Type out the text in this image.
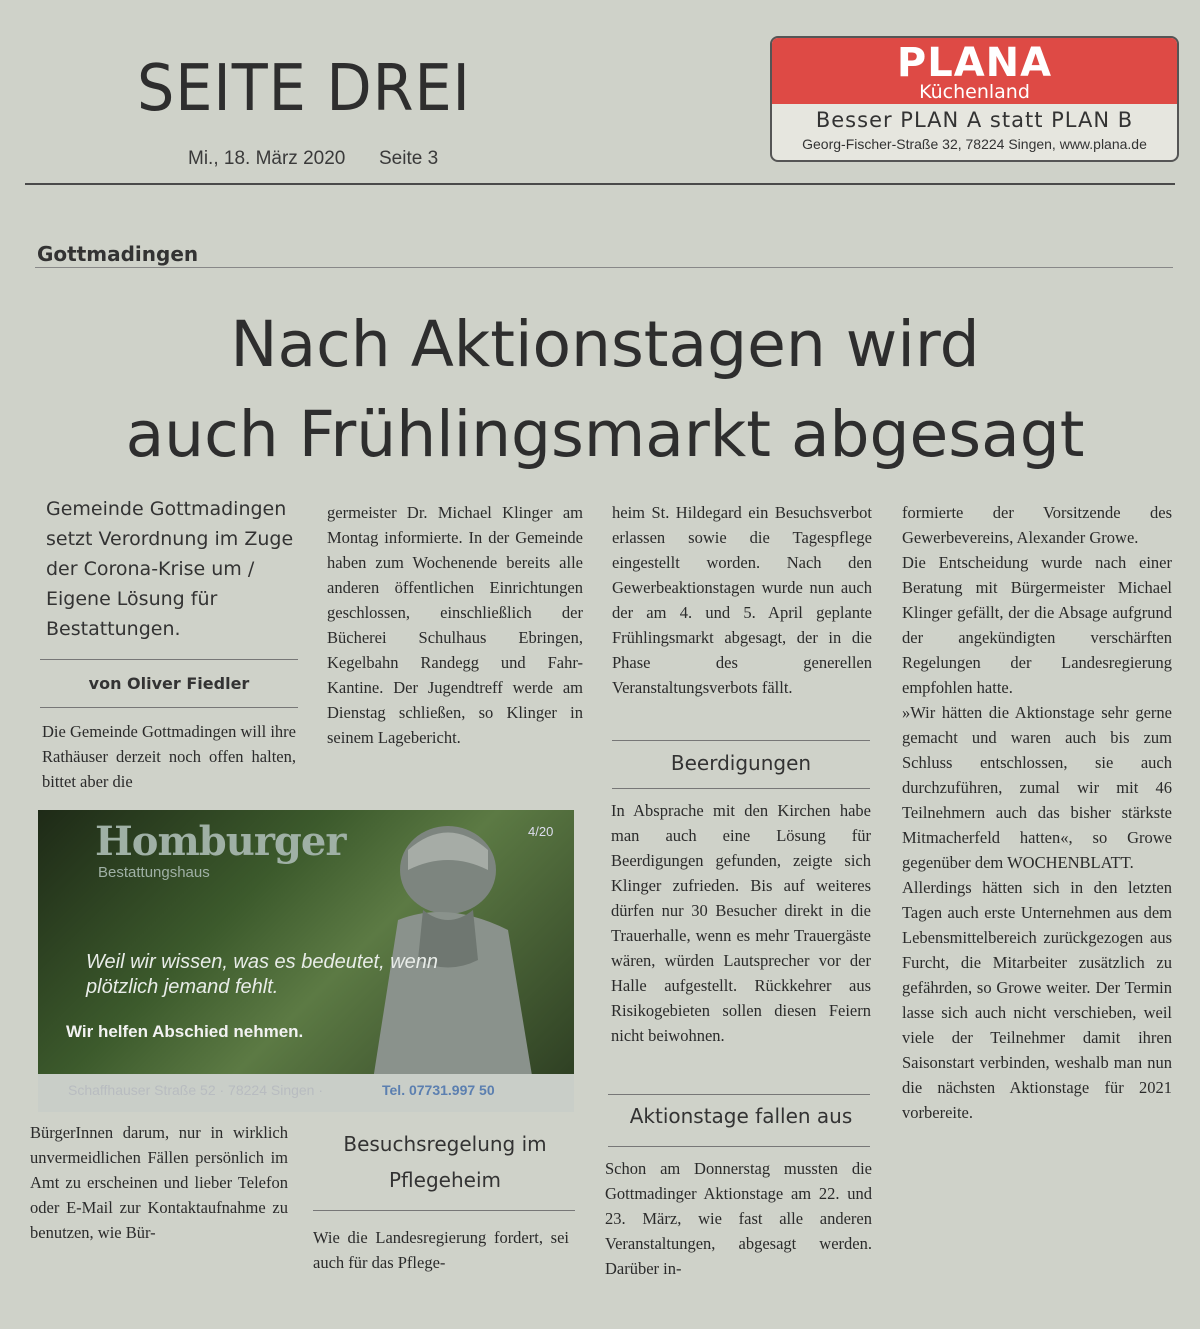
SEITE DREI
Mi., 18. März 2020 Seite 3
PLANA
Küchenland
Besser PLAN A statt PLAN B
Georg-Fischer-Straße 32, 78224 Singen, www.plana.de
Gottmadingen
Nach Aktionstagen wird
auch Frühlingsmarkt abgesagt
Gemeinde Gottmadingen setzt Verordnung im Zuge der Corona-Krise um / Eigene Lösung für Bestattungen.
von Oliver Fiedler
Die Gemeinde Gottmadingen will ihre Rathäuser derzeit noch offen halten, bittet aber die
Homburger
Bestattungshaus
4/20
Weil wir wissen, was es bedeutet, wenn plötzlich jemand fehlt.
Wir helfen Abschied nehmen.
Schaffhauser Straße 52 · 78224 Singen ·	Tel. 07731.997 50
BürgerInnen darum, nur in wirklich unvermeidlichen Fällen persönlich im Amt zu erscheinen und lieber Telefon oder E-Mail zur Kontaktaufnahme zu benutzen, wie Bür-
germeister Dr. Michael Klinger am Montag informierte. In der Gemeinde haben zum Wochenende bereits alle anderen öffentlichen Einrichtungen geschlossen, einschließlich der Bücherei Schulhaus Ebringen, Kegelbahn Randegg und Fahr-Kantine. Der Jugendtreff werde am Dienstag schließen, so Klinger in seinem Lagebericht.
Besuchsregelung im Pflegeheim
Wie die Landesregierung fordert, sei auch für das Pflege-
heim St. Hildegard ein Besuchsverbot erlassen sowie die Tagespflege eingestellt worden. Nach den Gewerbeaktionstagen wurde nun auch der am 4. und 5. April geplante Frühlingsmarkt abgesagt, der in die Phase des generellen Veranstaltungsverbots fällt.
Beerdigungen
In Absprache mit den Kirchen habe man auch eine Lösung für Beerdigungen gefunden, zeigte sich Klinger zufrieden. Bis auf weiteres dürfen nur 30 Besucher direkt in die Trauerhalle, wenn es mehr Trauergäste wären, würden Lautsprecher vor der Halle aufgestellt. Rückkehrer aus Risikogebieten sollen diesen Feiern nicht beiwohnen.
Aktionstage fallen aus
Schon am Donnerstag mussten die Gottmadinger Aktionstage am 22. und 23. März, wie fast alle anderen Veranstaltungen, abgesagt werden. Darüber in-
formierte der Vorsitzende des Gewerbevereins, Alexander Growe.
Die Entscheidung wurde nach einer Beratung mit Bürgermeister Michael Klinger gefällt, der die Absage aufgrund der angekündigten verschärften Regelungen der Landesregierung empfohlen hatte.
»Wir hätten die Aktionstage sehr gerne gemacht und waren auch bis zum Schluss entschlossen, sie auch durchzuführen, zumal wir mit 46 Teilnehmern auch das bisher stärkste Mitmacherfeld hatten«, so Growe gegenüber dem WOCHENBLATT.
Allerdings hätten sich in den letzten Tagen auch erste Unternehmen aus dem Lebensmittelbereich zurückgezogen aus Furcht, die Mitarbeiter zusätzlich zu gefährden, so Growe weiter. Der Termin lasse sich auch nicht verschieben, weil viele der Teilnehmer damit ihren Saisonstart verbinden, weshalb man nun die nächsten Aktionstage für 2021 vorbereite.
